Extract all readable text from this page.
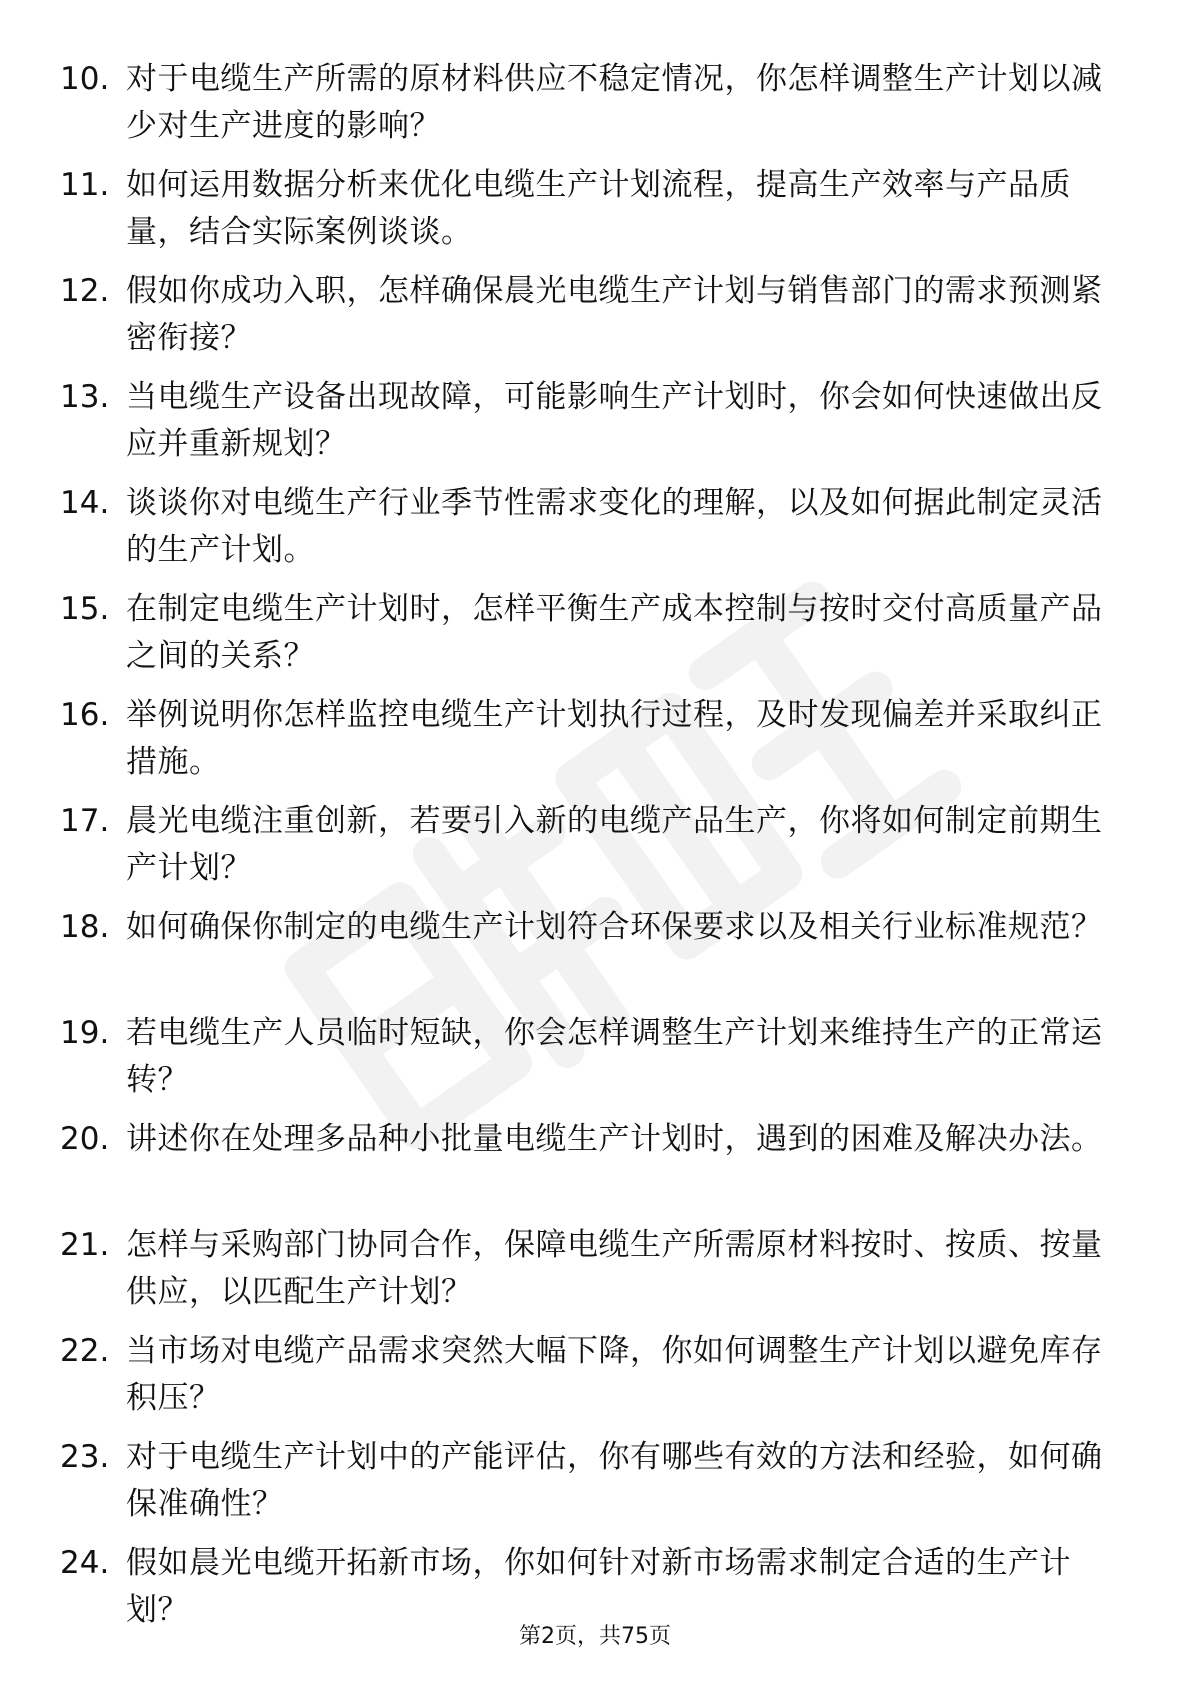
10. 对于电缆生产所需的原材料供应不稳定情况，你怎样调整生产计划以减少对生产进度的影响？
11. 如何运用数据分析来优化电缆生产计划流程，提高生产效率与产品质量，结合实际案例谈谈。
12. 假如你成功入职，怎样确保晨光电缆生产计划与销售部门的需求预测紧密衔接？
13. 当电缆生产设备出现故障，可能影响生产计划时，你会如何快速做出反应并重新规划？
14. 谈谈你对电缆生产行业季节性需求变化的理解，以及如何据此制定灵活的生产计划。
15. 在制定电缆生产计划时，怎样平衡生产成本控制与按时交付高质量产品之间的关系？
16. 举例说明你怎样监控电缆生产计划执行过程，及时发现偏差并采取纠正措施。
17. 晨光电缆注重创新，若要引入新的电缆产品生产，你将如何制定前期生产计划？
18. 如何确保你制定的电缆生产计划符合环保要求以及相关行业标准规范？
19. 若电缆生产人员临时短缺，你会怎样调整生产计划来维持生产的正常运转？
20. 讲述你在处理多品种小批量电缆生产计划时，遇到的困难及解决办法。
21. 怎样与采购部门协同合作，保障电缆生产所需原材料按时、按质、按量供应，以匹配生产计划？
22. 当市场对电缆产品需求突然大幅下降，你如何调整生产计划以避免库存积压？
23. 对于电缆生产计划中的产能评估，你有哪些有效的方法和经验，如何确保准确性？
24. 假如晨光电缆开拓新市场，你如何针对新市场需求制定合适的生产计划？
第2页，共75页
